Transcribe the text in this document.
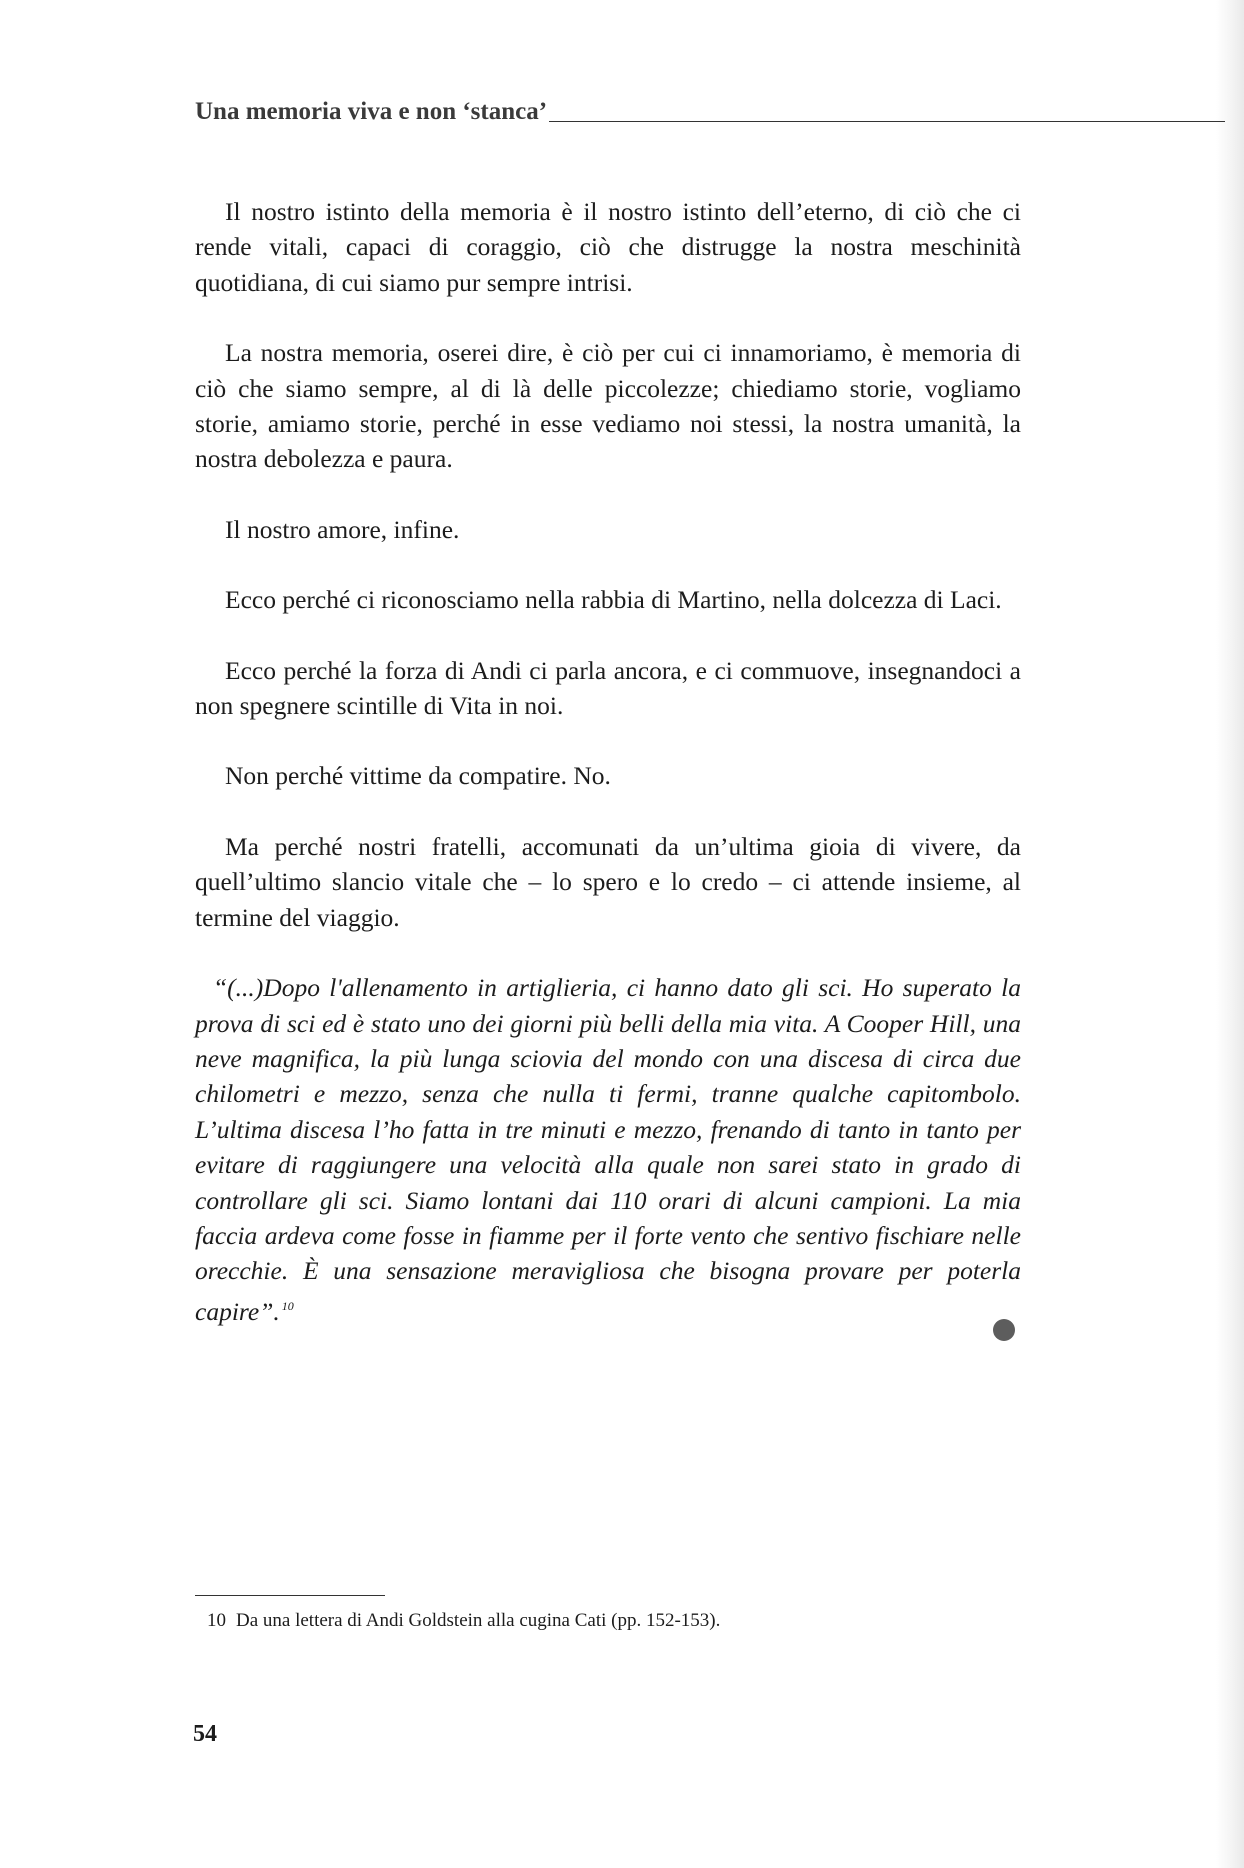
Una memoria viva e non ‘stanca’

Il nostro istinto della memoria è il nostro istinto dell’eterno, di ciò che ci rende vitali, capaci di coraggio, ciò che distrugge la nostra meschinità quotidiana, di cui siamo pur sempre intrisi.

La nostra memoria, oserei dire, è ciò per cui ci innamoriamo, è memoria di ciò che siamo sempre, al di là delle piccolezze; chiediamo storie, vogliamo storie, amiamo storie, perché in esse vediamo noi stessi, la nostra umanità, la nostra debolezza e paura.

Il nostro amore, infine.

Ecco perché ci riconosciamo nella rabbia di Martino, nella dolcezza di Laci.

Ecco perché la forza di Andi ci parla ancora, e ci commuove, insegnandoci a non spegnere scintille di Vita in noi.

Non perché vittime da compatire. No.

Ma perché nostri fratelli, accomunati da un’ultima gioia di vivere, da quell’ultimo slancio vitale che – lo spero e lo credo – ci attende insieme, al termine del viaggio.

“(...)Dopo l'allenamento in artiglieria, ci hanno dato gli sci. Ho superato la prova di sci ed è stato uno dei giorni più belli della mia vita. A Cooper Hill, una neve magnifica, la più lunga sciovia del mondo con una discesa di circa due chilometri e mezzo, senza che nulla ti fermi, tranne qualche capitombolo. L’ultima discesa l’ho fatta in tre minuti e mezzo, frenando di tanto in tanto per evitare di raggiungere una velocità alla quale non sarei stato in grado di controllare gli sci. Siamo lontani dai 110 orari di alcuni campioni. La mia faccia ardeva come fosse in fiamme per il forte vento che sentivo fischiare nelle orecchie. È una sensazione meravigliosa che bisogna provare per poterla capire”. $^{10}$

10 Da una lettera di Andi Goldstein alla cugina Cati (pp. 152-153).
54
